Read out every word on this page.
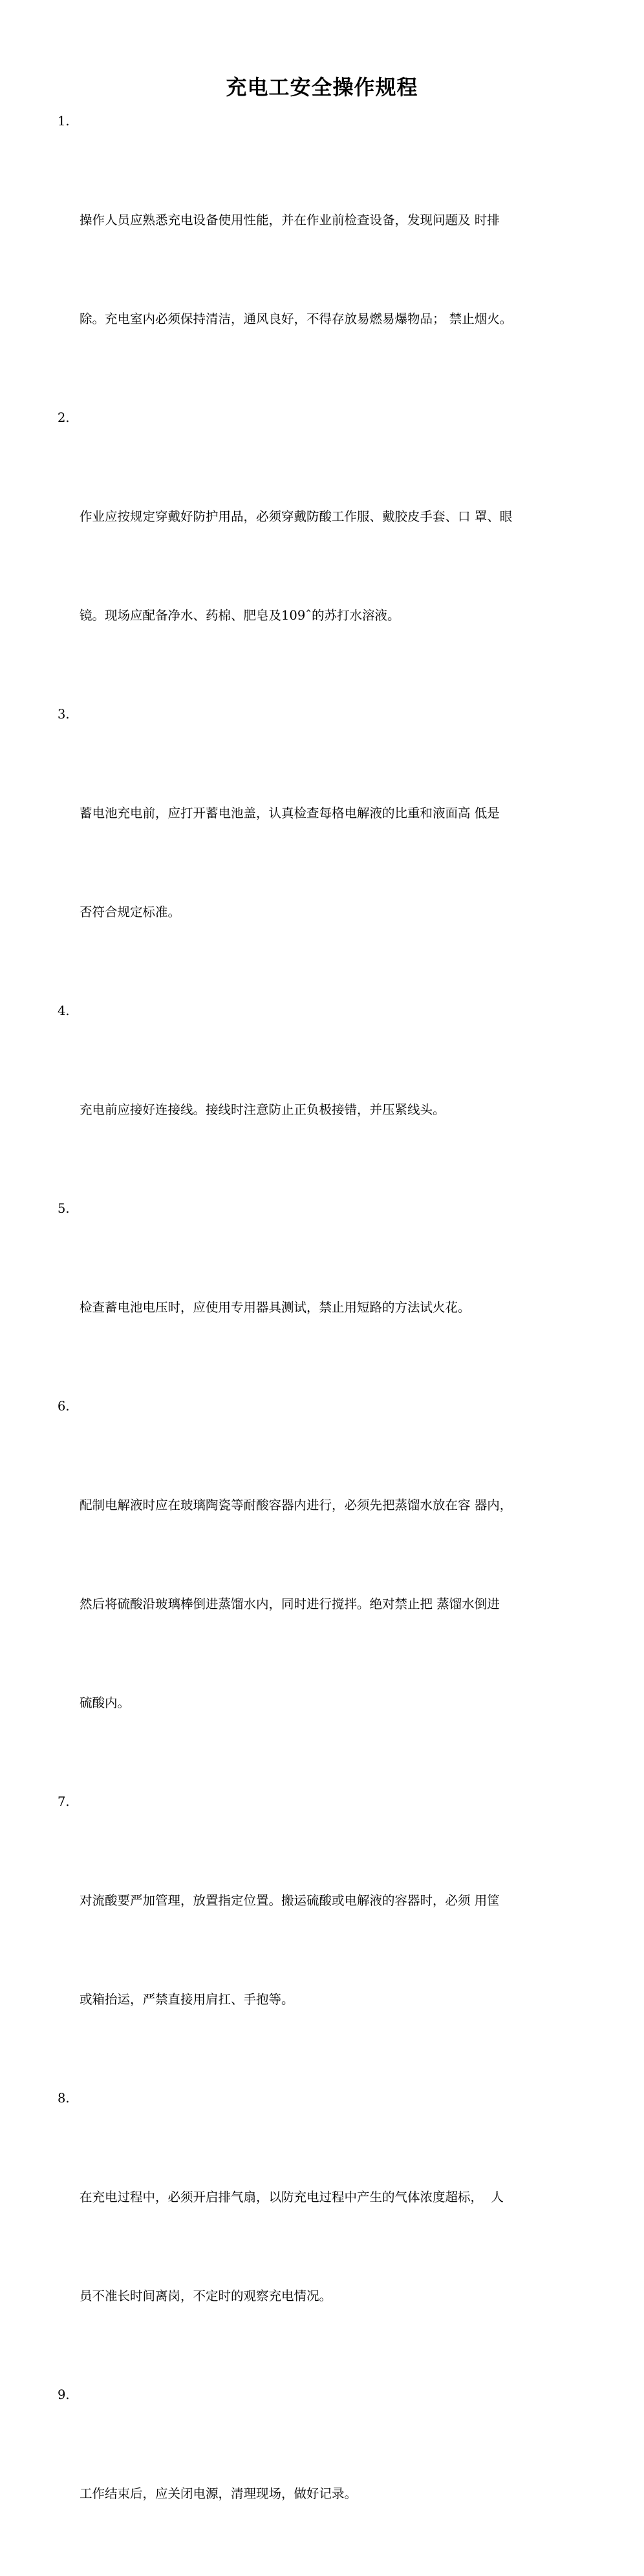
充电工安全操作规程

1.

操作人员应熟悉充电设备使用性能，并在作业前检查设备，发现问题及 时排

除。充电室内必须保持清洁，通风良好，不得存放易燃易爆物品； 禁止烟火。

2.

作业应按规定穿戴好防护用品，必须穿戴防酸工作服、戴胶皮手套、口 罩、眼

镜。现场应配备净水、药棉、肥皂及109ˆ的苏打水溶液。

3.

蓄电池充电前，应打开蓄电池盖，认真检查每格电解液的比重和液面高 低是

否符合规定标准。

4.

充电前应接好连接线。接线时注意防止正负极接错，并压紧线头。

5.

检查蓄电池电压时，应使用专用器具测试，禁止用短路的方法试火花。

6.

配制电解液时应在玻璃陶瓷等耐酸容器内进行，必须先把蒸馏水放在容 器内，

然后将硫酸沿玻璃棒倒进蒸馏水内，同时进行搅拌。绝对禁止把 蒸馏水倒进

硫酸内。

7.

对流酸要严加管理，放置指定位置。搬运硫酸或电解液的容器时，必须 用筐

或箱抬运，严禁直接用肩扛、手抱等。

8.

在充电过程中，必须开启排气扇，以防充电过程中产生的气体浓度超标，  人

员不准长时间离岗，不定时的观察充电情况。

9.

工作结束后，应关闭电源，清理现场，做好记录。
